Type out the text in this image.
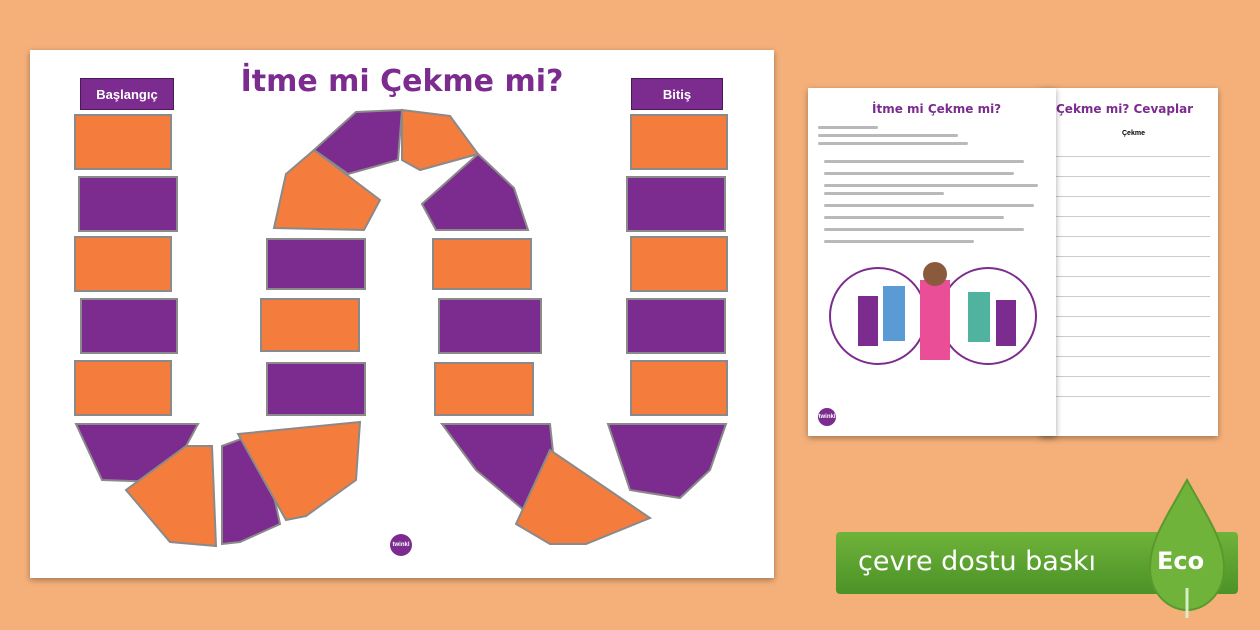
İtme mi Çekme mi?
Başlangıç	Bitiş
twinkl
Çekme mi? Cevaplar
Çekme
İtme mi Çekme mi?
twinkl
çevre dostu baskı	Eco
